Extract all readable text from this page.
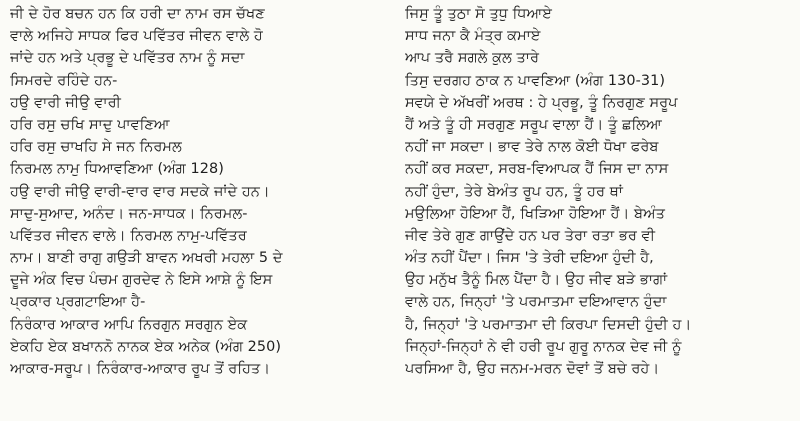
ਜੀ ਦੇ ਹੋਰ ਬਚਨ ਹਨ ਕਿ ਹਰੀ ਦਾ ਨਾਮ ਰਸ ਚੱਖਣ
ਵਾਲੇ ਅਜਿਹੇ ਸਾਧਕ ਫਿਰ ਪਵਿੱਤਰ ਜੀਵਨ ਵਾਲੇ ਹੋ
ਜਾਂਦੇ ਹਨ ਅਤੇ ਪ੍ਰਭੂ ਦੇ ਪਵਿੱਤਰ ਨਾਮ ਨੂੰ ਸਦਾ
ਸਿਮਰਦੇ ਰਹਿੰਦੇ ਹਨ-
ਹਉ ਵਾਰੀ ਜੀਉ ਵਾਰੀ
ਹਰਿ ਰਸੁ ਚਖਿ ਸਾਦੁ ਪਾਵਣਿਆ
ਹਰਿ ਰਸੁ ਚਾਖਹਿ ਸੇ ਜਨ ਨਿਰਮਲ
ਨਿਰਮਲ ਨਾਮੁ ਧਿਆਵਣਿਆ (ਅੰਗ 128)
ਹਉ ਵਾਰੀ ਜੀਉ ਵਾਰੀ-ਵਾਰ ਵਾਰ ਸਦਕੇ ਜਾਂਦੇ ਹਨ।
ਸਾਦੁ-ਸੁਆਦ, ਅਨੰਦ। ਜਨ-ਸਾਧਕ। ਨਿਰਮਲ-
ਪਵਿੱਤਰ ਜੀਵਨ ਵਾਲੇ। ਨਿਰਮਲ ਨਾਮੁ-ਪਵਿੱਤਰ
ਨਾਮ। ਬਾਣੀ ਰਾਗੁ ਗਉੜੀ ਬਾਵਨ ਅਖਰੀ ਮਹਲਾ 5 ਦੇ
ਦੂਜੇ ਅੰਕ ਵਿਚ ਪੰਚਮ ਗੁਰਦੇਵ ਨੇ ਇਸੇ ਆਸ਼ੇ ਨੂੰ ਇਸ
ਪ੍ਰਕਾਰ ਪ੍ਰਗਟਾਇਆ ਹੈ-
ਨਿਰੰਕਾਰ ਆਕਾਰ ਆਪਿ ਨਿਰਗੁਨ ਸਰਗੁਨ ਏਕ
ਏਕਹਿ ਏਕ ਬਖਾਨਨੋ ਨਾਨਕ ਏਕ ਅਨੇਕ (ਅੰਗ 250)
ਆਕਾਰ-ਸਰੂਪ। ਨਿਰੰਕਾਰ-ਆਕਾਰ ਰੂਪ ਤੋਂ ਰਹਿਤ।
ਜਿਸੁ ਤੂੰ ਤੁਠਾ ਸੋ ਤੁਧੁ ਧਿਆਏ
ਸਾਧ ਜਨਾ ਕੈ ਮੰਤ੍ਰ ਕਮਾਏ
ਆਪ ਤਰੈ ਸਗਲੇ ਕੁਲ ਤਾਰੇ
ਤਿਸੁ ਦਰਗਹ ਠਾਕ ਨ ਪਾਵਣਿਆ (ਅੰਗ 130-31)
ਸਵਯੇ ਦੇ ਅੱਖਰੀਂ ਅਰਥ : ਹੇ ਪ੍ਰਭੂ, ਤੂੰ ਨਿਰਗੁਣ ਸਰੂਪ
ਹੈਂ ਅਤੇ ਤੂੰ ਹੀ ਸਰਗੁਣ ਸਰੂਪ ਵਾਲਾ ਹੈਂ। ਤੂੰ ਛਲਿਆ
ਨਹੀਂ ਜਾ ਸਕਦਾ। ਭਾਵ ਤੇਰੇ ਨਾਲ ਕੋਈ ਧੋਖਾ ਫਰੇਬ
ਨਹੀਂ ਕਰ ਸਕਦਾ, ਸਰਬ-ਵਿਆਪਕ ਹੈਂ ਜਿਸ ਦਾ ਨਾਸ
ਨਹੀਂ ਹੁੰਦਾ, ਤੇਰੇ ਬੇਅੰਤ ਰੂਪ ਹਨ, ਤੂੰ ਹਰ ਥਾਂ
ਮਉਲਿਆ ਹੋਇਆ ਹੈਂ, ਖਿੜਿਆ ਹੋਇਆ ਹੈਂ। ਬੇਅੰਤ
ਜੀਵ ਤੇਰੇ ਗੁਣ ਗਾਉਂਦੇ ਹਨ ਪਰ ਤੇਰਾ ਰਤਾ ਭਰ ਵੀ
ਅੰਤ ਨਹੀਂ ਪੈਂਦਾ। ਜਿਸ 'ਤੇ ਤੇਰੀ ਦਇਆ ਹੁੰਦੀ ਹੈ,
ਉਹ ਮਨੁੱਖ ਤੈਨੂੰ ਮਿਲ ਪੈਂਦਾ ਹੈ। ਉਹ ਜੀਵ ਬੜੇ ਭਾਗਾਂ
ਵਾਲੇ ਹਨ, ਜਿਨ੍ਹਾਂ 'ਤੇ ਪਰਮਾਤਮਾ ਦਇਆਵਾਨ ਹੁੰਦਾ
ਹੈ, ਜਿਨ੍ਹਾਂ 'ਤੇ ਪਰਮਾਤਮਾ ਦੀ ਕਿਰਪਾ ਦਿਸਦੀ ਹੁੰਦੀ ਹ।
ਜਿਨ੍ਹਾਂ-ਜਿਨ੍ਹਾਂ ਨੇ ਵੀ ਹਰੀ ਰੂਪ ਗੁਰੂ ਨਾਨਕ ਦੇਵ ਜੀ ਨੂੰ
ਪਰਸਿਆ ਹੈ, ਉਹ ਜਨਮ-ਮਰਨ ਦੋਵਾਂ ਤੋਂ ਬਚੇ ਰਹੇ।
